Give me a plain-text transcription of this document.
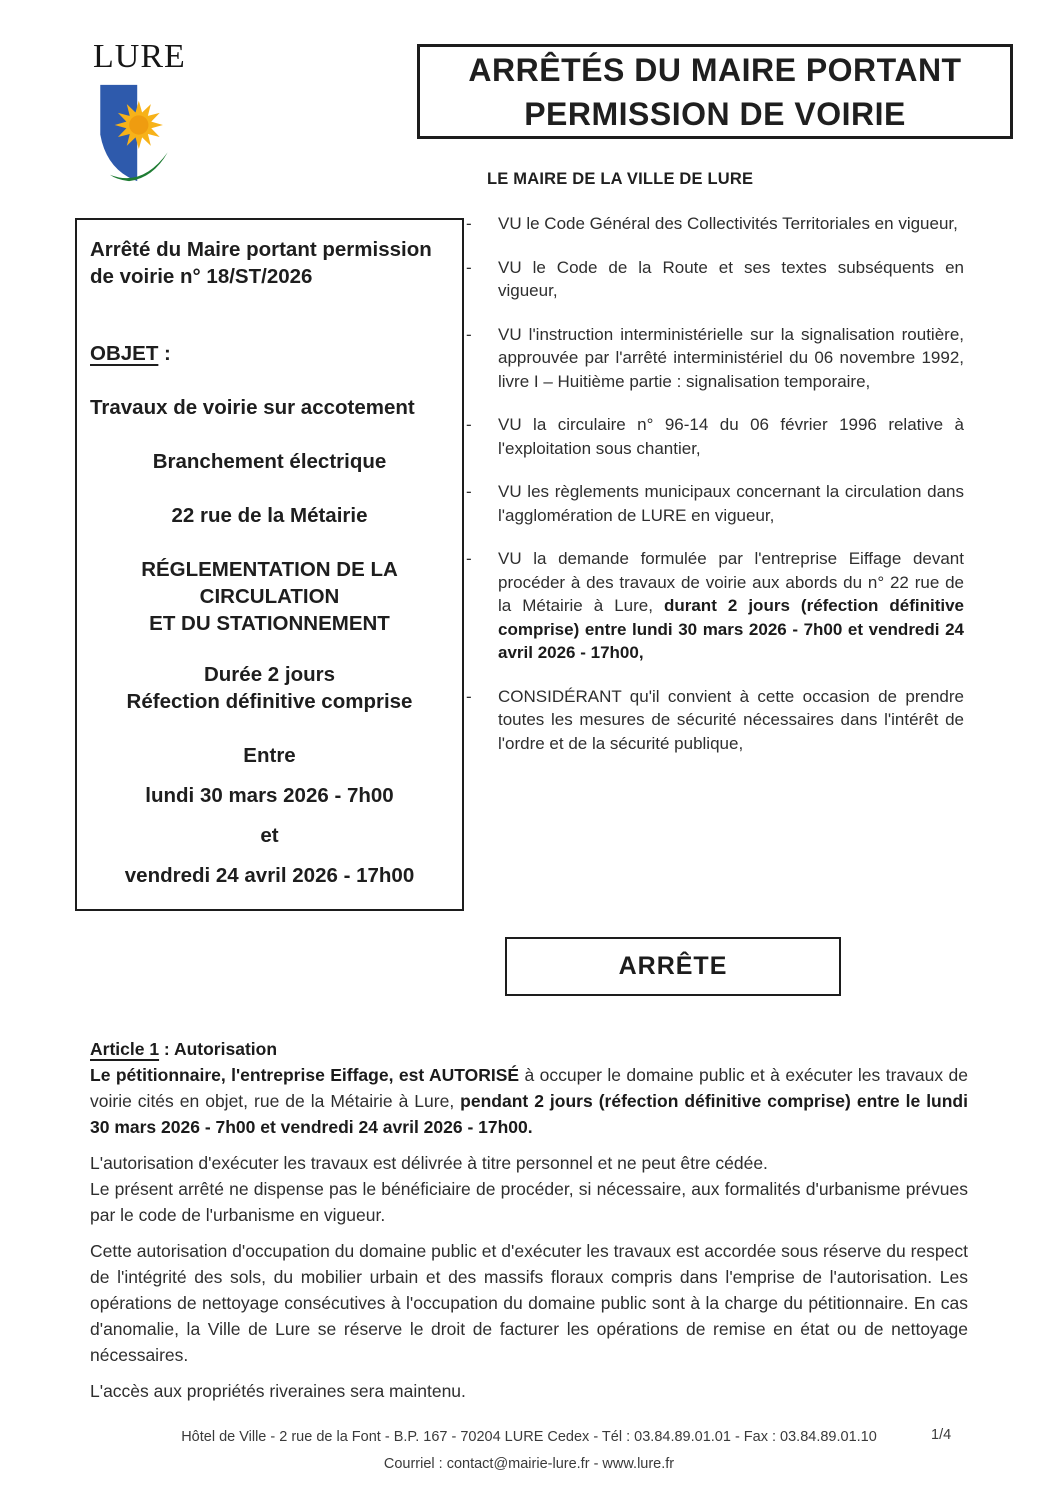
LURE	ARRÊTÉS DU MAIRE PORTANT
PERMISSION DE VOIRIE
LE MAIRE DE LA VILLE DE LURE
Arrêté du Maire portant permission de voirie n° 18/ST/2026
OBJET :
Travaux de voirie sur accotement
Branchement électrique
22 rue de la Métairie
RÉGLEMENTATION DE LA
CIRCULATION
ET DU STATIONNEMENT
Durée 2 jours
Réfection définitive comprise
Entre
lundi 30 mars 2026 - 7h00
et
vendredi 24 avril 2026 - 17h00

- VU le Code Général des Collectivités Territoriales en vigueur,

- VU le Code de la Route et ses textes subséquents en vigueur,

- VU l'instruction interministérielle sur la signalisation routière, approuvée par l'arrêté interministériel du 06 novembre 1992, livre I – Huitième partie : signalisation temporaire,

- VU la circulaire n° 96-14 du 06 février 1996 relative à l'exploitation sous chantier,

- VU les règlements municipaux concernant la circulation dans l'agglomération de LURE en vigueur,

- VU la demande formulée par l'entreprise Eiffage devant procéder à des travaux de voirie aux abords du n° 22 rue de la Métairie à Lure, durant 2 jours (réfection définitive comprise) entre lundi 30 mars 2026 - 7h00 et vendredi 24 avril 2026 - 17h00,

- CONSIDÉRANT qu'il convient à cette occasion de prendre toutes les mesures de sécurité nécessaires dans l'intérêt de l'ordre et de la sécurité publique,

ARRÊTE
Article 1 : Autorisation
Le pétitionnaire, l'entreprise Eiffage, est AUTORISÉ à occuper le domaine public et à exécuter les travaux de voirie cités en objet, rue de la Métairie à Lure, pendant 2 jours (réfection définitive comprise) entre le lundi 30 mars 2026 - 7h00 et vendredi 24 avril 2026 - 17h00.
L'autorisation d'exécuter les travaux est délivrée à titre personnel et ne peut être cédée.
Le présent arrêté ne dispense pas le bénéficiaire de procéder, si nécessaire, aux formalités d'urbanisme prévues par le code de l'urbanisme en vigueur.
Cette autorisation d'occupation du domaine public et d'exécuter les travaux est accordée sous réserve du respect de l'intégrité des sols, du mobilier urbain et des massifs floraux compris dans l'emprise de l'autorisation. Les opérations de nettoyage consécutives à l'occupation du domaine public sont à la charge du pétitionnaire. En cas d'anomalie, la Ville de Lure se réserve le droit de facturer les opérations de remise en état ou de nettoyage nécessaires.
L'accès aux propriétés riveraines sera maintenu.
Hôtel de Ville - 2 rue de la Font - B.P. 167 - 70204 LURE Cedex - Tél : 03.84.89.01.01 - Fax : 03.84.89.01.10
Courriel : contact@mairie-lure.fr - www.lure.fr
1/4
